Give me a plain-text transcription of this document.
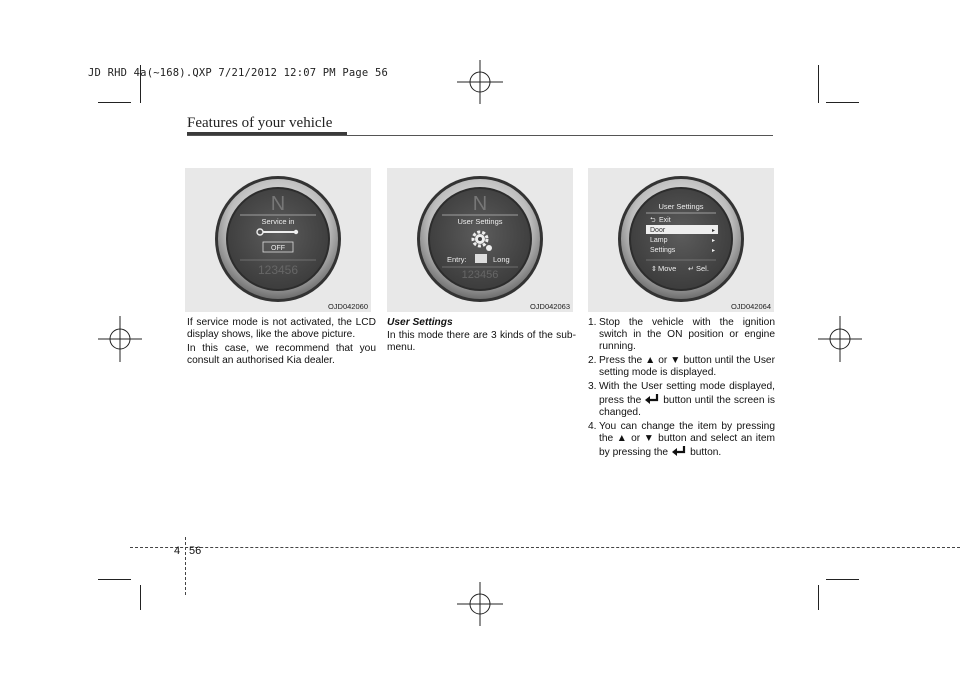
JD RHD 4a(~168).QXP 7/21/2012 12:07 PM Page 56
Features of your vehicle
N
Service in
OFF
123456
OJD042060
N
User Settings
Entry:	Long
123456
OJD042063
User Settings
⮌ Exit
Door	▸
Lamp	▸
Settings	▸
⇕ Move ↵ Sel.
OJD042064

If service mode is not activated, the LCD display shows, like the above picture.

In this case, we recommend that you consult an authorised Kia dealer.

User Settings

In this mode there are 3 kinds of the sub-menu.

1. Stop the vehicle with the ignition switch in the ON position or engine running.
2. Press the ▲ or ▼ button until the User setting mode is displayed.
3. With the User setting mode displayed, press the button until the screen is changed.
4. You can change the item by pressing the ▲ or ▼ button and select an item by pressing the button.
4 56
